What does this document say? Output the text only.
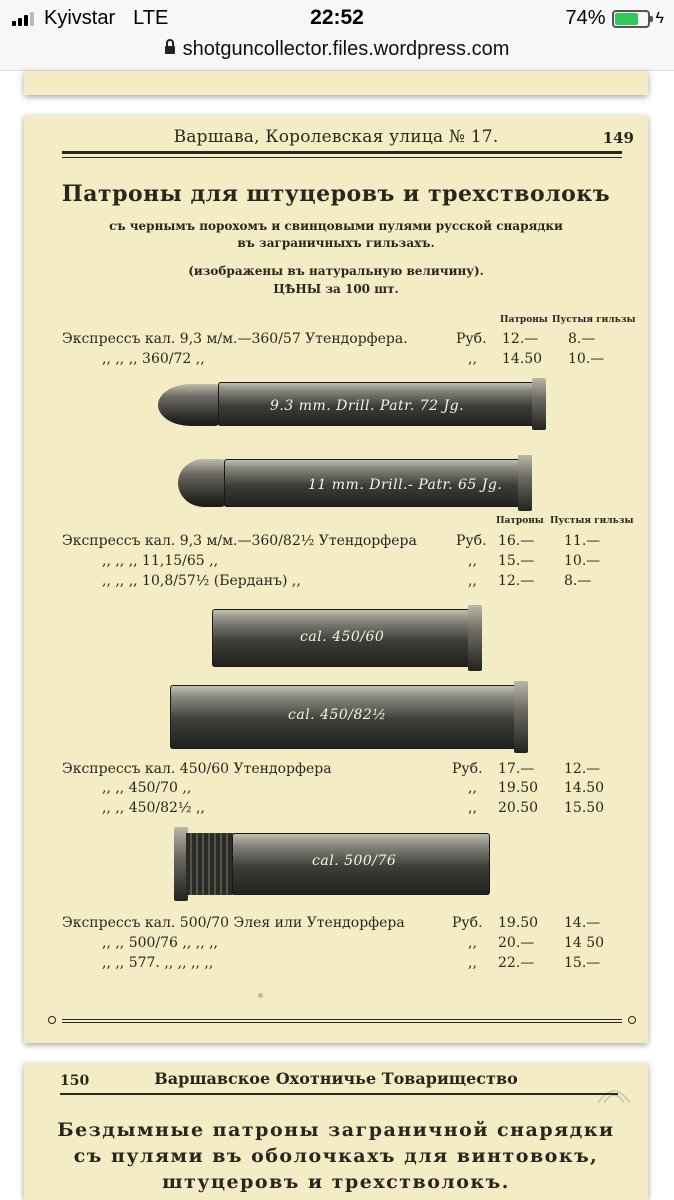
Kyivstar LTE	22:52	74%	ϟ
shotguncollector.files.wordpress.com
Варшава, Королевская улица № 17.	149
Патроны для штуцеровъ и трехстволокъ
съ чернымъ порохомъ и свинцовыми пулями русской снарядки
въ заграничныхъ гильзахъ.
(изображены въ натуральную величину).
ЦѢНЫ за 100 шт.
Патроны Пустыя гильзы
Экспрессъ кал. 9,3 м/м.—360/57 Утендорфера.	Руб. 12.— 8.—
,, ,, ,, 360/72 ,,	,, 14.50 10.—
9.3 mm. Drill. Patr. 72 Jg.
11 mm. Drill.- Patr. 65 Jg.
Патроны Пустыя гильзы
Экспрессъ кал. 9,3 м/м.—360/82½ Утендорфера	Руб. 16.— 11.—
,, ,, ,, 11,15/65 ,,	,, 15.— 10.—
,, ,, ,, 10,8/57½ (Берданъ) ,,	,, 12.— 8.—
cal. 450/60
cal. 450/82½
Экспрессъ кал. 450/60 Утендорфера	Руб. 17.— 12.—
,, ,, 450/70 ,,	,, 19.50 14.50
,, ,, 450/82½ ,,	,, 20.50 15.50
cal. 500/76
Экспрессъ кал. 500/70 Элея или Утендорфера	Руб. 19.50 14.—
,, ,, 500/76 ,, ,, ,,	,, 20.— 14 50
,, ,, 577. ,, ,, ,, ,,	,, 22.— 15.—
150	Варшавское Охотничье Товарищество
Бездымные патроны заграничной снарядки
съ пулями въ оболочкахъ для винтовокъ,
штуцеровъ и трехстволокъ.
